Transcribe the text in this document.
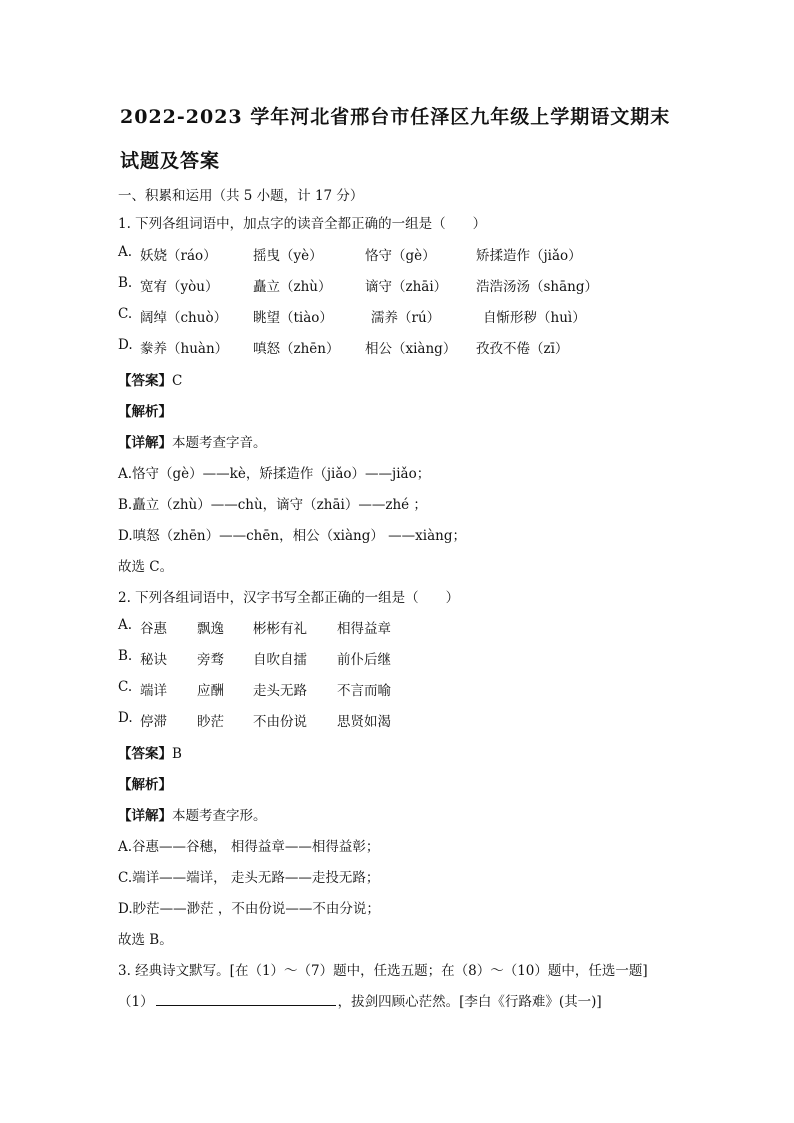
2022-2023 学年河北省邢台市任泽区九年级上学期语文期末
试题及答案
一、积累和运用（共 5 小题，计 17 分）
1. 下列各组词语中，加点字的读音全都正确的一组是（　　）
A. 妖娆（ráo）	摇曳（yè）	恪守（gè）	矫揉造作（jiǎo）
B. 宽宥（yòu）	矗立（zhù） 谪守（zhāi） 浩浩汤汤（shāng）
C. 阔绰（chuò） 眺望（tiào）	濡养（rú）	自惭形秽（huì）
D. 豢养（huàn） 嗔怒（zhēn） 相公（xiàng） 孜孜不倦（zī）
【答案】C
【解析】
【详解】本题考查字音。
A.恪守（gè）——kè，矫揉造作（jiǎo）——jiǎo；
B.矗立（zhù）——chù，谪守（zhāi）——zhé ；
D.嗔怒（zhēn）——chēn，相公（xiàng） ——xiàng；
故选 C。
2. 下列各组词语中，汉字书写全都正确的一组是（　　）
A. 谷惠 飘逸 彬彬有礼 相得益章
B. 秘诀 旁骛 自吹自擂 前仆后继
C. 端详 应酬 走头无路 不言而喻
D. 停滞 眇茫 不由份说 思贤如渴
【答案】B
【解析】
【详解】本题考查字形。
A.谷惠——谷穗， 相得益章——相得益彰；
C.端详——端详， 走头无路——走投无路；
D.眇茫——渺茫 ，不由份说——不由分说；
故选 B。
3. 经典诗文默写。[在（1）～（7）题中，任选五题；在（8）～（10）题中，任选一题]
（1）	，拔剑四顾心茫然。[李白《行路难》(其一)]
